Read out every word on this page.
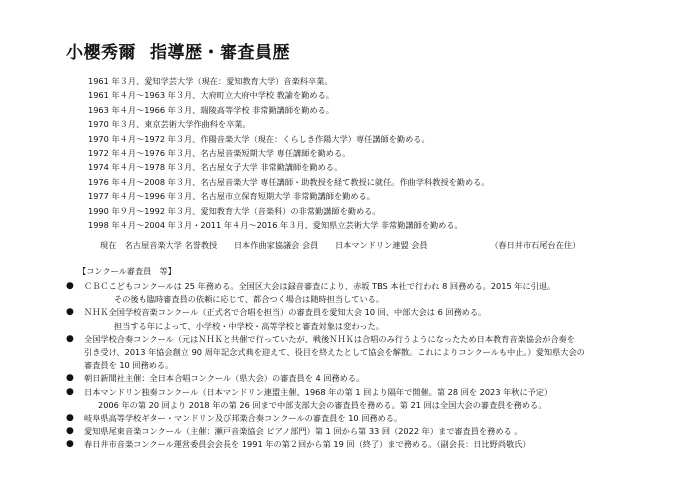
小櫻秀爾 指導歴・審査員歴
1961 年３月、愛知学芸大学（現在：愛知教育大学）音楽科卒業。
1961 年４月～1963 年３月、大府町立大府中学校 教諭を勤める。
1963 年４月～1966 年３月、瑞陵高等学校 非常勤講師を勤める。
1970 年３月、東京芸術大学作曲科を卒業。
1970 年４月～1972 年３月、作陽音楽大学（現在：くらしき作陽大学）専任講師を勤める。
1972 年４月～1976 年３月、名古屋音楽短期大学 専任講師を勤める。
1974 年４月～1978 年３月、名古屋女子大学 非常勤講師を勤める。
1976 年４月～2008 年３月、名古屋音楽大学 専任講師・助教授を経て教授に就任。作曲学科教授を勤める。
1977 年４月～1996 年３月、名古屋市立保育短期大学 非常勤講師を勤める。
1990 年９月～1992 年３月、愛知教育大学（音楽科）の非常勤講師を勤める。
1998 年４月～2004 年３月・2011 年４月～2016 年３月、愛知県立芸術大学 非常勤講師を勤める。
現在　名古屋音楽大学 名誉教授 日本作曲家協議会 会員 日本マンドリン連盟 会員	（春日井市石尾台在住）
【コンクール審査員　等】
● ＣＢＣこどもコンクールは 25 年務める。全国区大会は録音審査により、赤坂 TBS 本社で行われ 8 回務める。2015 年に引退。
その後も臨時審査員の依頼に応じて、都合つく場合は随時担当している。
● ＮＨＫ全国学校音楽コンクール（正式名で合唱を担当）の審査員を愛知大会 10 回、中部大会は 6 回務める。
担当する年によって、小学校・中学校・高等学校と審査対象は変わった。
● 全国学校合奏コンクール（元はＮＨＫと共催で行っていたが、戦後ＮＨＫは合唱のみ行うようになったため日本教育音楽協会が合奏を
引き受け、2013 年協会創立 90 周年記念式典を迎えて、役目を終えたとして協会を解散。これによりコンクールも中止。）愛知県大会の
審査員を 10 回務める。
● 朝日新聞社主催：全日本合唱コンクール（県大会）の審査員を 4 回務める。
● 日本マンドリン独奏コンクール（日本マンドリン連盟主催、1968 年の第 1 回より隔年で開催。第 28 回を 2023 年秋に予定）
2006 年の第 20 回より 2018 年の第 26 回まで中部支部大会の審査員を務める。第 21 回は全国大会の審査員を務める。
● 岐阜県高等学校ギター・マンドリン及び邦楽合奏コンクールの審査員を 10 回務める。
● 愛知県尾東音楽コンクール（主催：瀬戸音楽協会 ピアノ部門）第 1 回から第 33 回（2022 年）まで審査員を務める 。
● 春日井市音楽コンクール運営委員会会長を 1991 年の第２回から第 19 回（終了）まで務める。（副会長：日比野尚敬氏）
